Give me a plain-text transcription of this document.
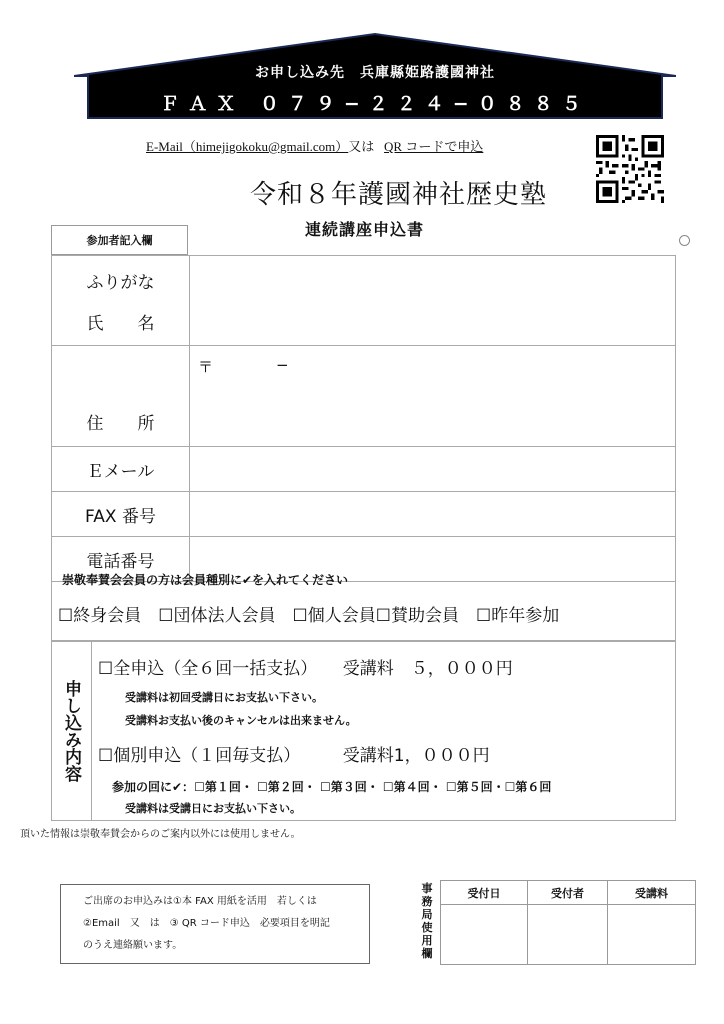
お申し込み先　兵庫縣姫路護國神社
ＦＡＸ ０７９−２２４−０８８５
E-Mail（himejigokoku@gmail.com）又は QR コードで申込
令和８年護國神社歴史塾
連続講座申込書
参加者記入欄
ふりがな
氏　　名	

住　　所	〒 −

Ｅメール	
FAX 番号	
電話番号	
崇敬奉賛会会員の方は会員種別に✔を入れてください
☐終身会員　 ☐団体法人会員　 ☐個人会員☐賛助会員　 ☐昨年参加
申し込み内容
☐全申込（全６回一括支払）　　 受講料　 ５，０００円
受講料は初回受講日にお支払い下さい。
受講料お支払い後のキャンセルは出来ません。
☐個別申込（１回毎支払）　　　	受講料1，０００円
参加の回に✔：☐第１回・ ☐第２回・ ☐第３回・ ☐第４回・ ☐第５回・☐第６回
受講料は受講日にお支払い下さい。
頂いた情報は崇敬奉賛会からのご案内以外には使用しません。

ご出席のお申込みは①本 FAX 用紙を活用　若しくは

②Email　又　は　③ QR コード申込　必要項目を明記

のうえ連絡願います。

事務局使用欄
受付日	受付者	受講料
